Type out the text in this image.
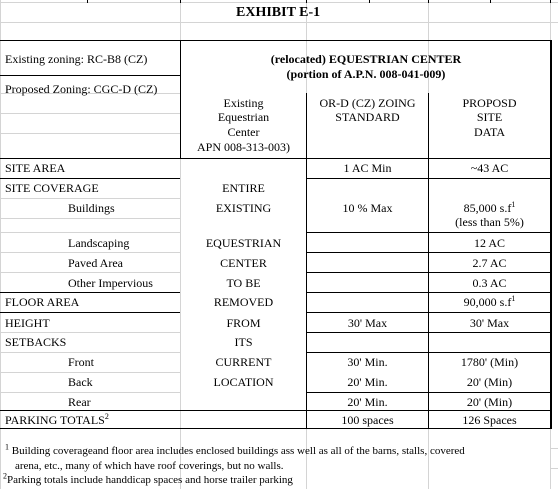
EXHIBIT E-1
Existing zoning: RC-B8 (CZ)
Proposed Zoning: CGC-D (CZ)
(relocated) EQUESTRIAN CENTER
(portion of A.P.N. 008-041-009)
Existing
Equestrian
Center
APN 008-313-003)
OR-D (CZ) ZOING
STANDARD
PROPOSD
SITE
DATA
SITE AREA
SITE COVERAGE
Buildings
Landscaping
Paved Area
Other Impervious
FLOOR AREA
HEIGHT
SETBACKS
Front
Back
Rear
PARKING TOTALS$^2$
ENTIRE
EXISTING
EQUESTRIAN
CENTER
TO BE
REMOVED
FROM
ITS
CURRENT
LOCATION
1 AC Min
10 % Max
30' Max
30' Min.
20' Min.
20' Min.
100 spaces
~43 AC
85,000 $s.f^1$
(less than 5%)
12 AC
2.7 AC
0.3 AC
90,000 $s.f^1$
30' Max
1780' (Min)
20' (Min)
20' (Min)
126 Spaces
$^1$ Building coverageand floor area includes enclosed buildings ass well as all of the barns, stalls, covered
arena, etc., many of which have roof coverings, but no walls.
$^2$Parking totals include handdicap spaces and horse trailer parking
